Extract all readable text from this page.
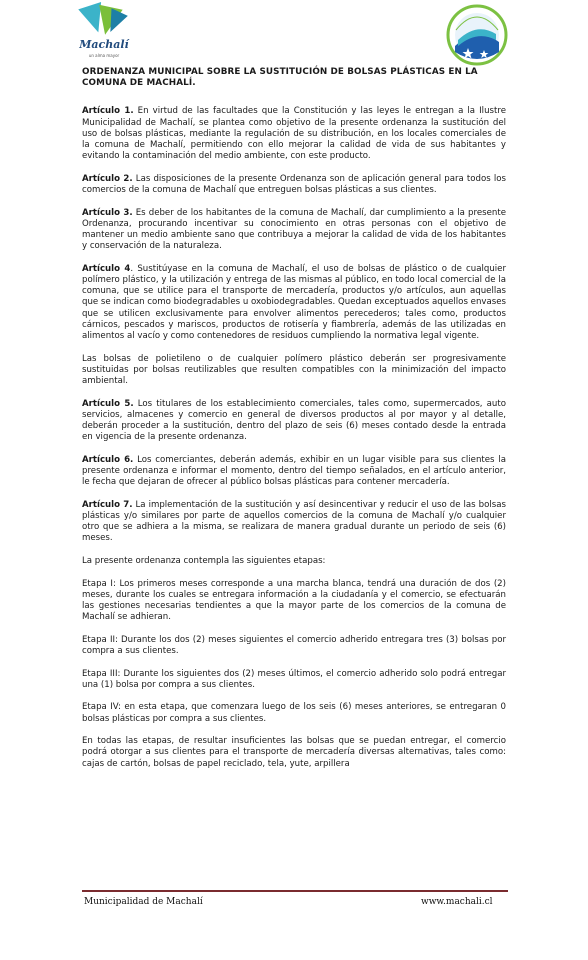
Machalí
un alma mayor
ORDENANZA MUNICIPAL SOBRE LA SUSTITUCIÓN DE BOLSAS PLÁSTICAS EN LA COMUNA DE MACHALÍ.

Artículo 1. En virtud de las facultades que la Constitución y las leyes le entregan a la Ilustre Municipalidad de Machalí, se plantea como objetivo de la presente ordenanza la sustitución del uso de bolsas plásticas, mediante la regulación de su distribución, en los locales comerciales de la comuna de Machalí, permitiendo con ello mejorar la calidad de vida de sus habitantes y evitando la contaminación del medio ambiente, con este producto.

Artículo 2. Las disposiciones de la presente Ordenanza son de aplicación general para todos los comercios de la comuna de Machalí que entreguen bolsas plásticas a sus clientes.

Artículo 3. Es deber de los habitantes de la comuna de Machalí, dar cumplimiento a la presente Ordenanza, procurando incentivar su conocimiento en otras personas con el objetivo de mantener un medio ambiente sano que contribuya a mejorar la calidad de vida de los habitantes y conservación de la naturaleza.

Artículo 4. Sustitúyase en la comuna de Machalí, el uso de bolsas de plástico o de cualquier polímero plástico, y la utilización y entrega de las mismas al público, en todo local comercial de la comuna, que se utilice para el transporte de mercadería, productos y/o artículos, aun aquellas que se indican como biodegradables u oxobiodegradables. Quedan exceptuados aquellos envases que se utilicen exclusivamente para envolver alimentos perecederos; tales como, productos cárnicos, pescados y mariscos, productos de rotisería y fiambrería, además de las utilizadas en alimentos al vacío y como contenedores de residuos cumpliendo la normativa legal vigente.

Las bolsas de polietileno o de cualquier polímero plástico deberán ser progresivamente sustituidas por bolsas reutilizables que resulten compatibles con la minimización del impacto ambiental.

Artículo 5. Los titulares de los establecimiento comerciales, tales como, supermercados, auto servicios, almacenes y comercio en general de diversos productos al por mayor y al detalle, deberán proceder a la sustitución, dentro del plazo de seis (6) meses contado desde la entrada en vigencia de la presente ordenanza.

Artículo 6. Los comerciantes, deberán además, exhibir en un lugar visible para sus clientes la presente ordenanza e informar el momento, dentro del tiempo señalados, en el artículo anterior, le fecha que dejaran de ofrecer al público bolsas plásticas para contener mercadería.

Artículo 7. La implementación de la sustitución y así desincentivar y reducir el uso de las bolsas plásticas y/o similares por parte de aquellos comercios de la comuna de Machalí y/o cualquier otro que se adhiera a la misma, se realizara de manera gradual durante un periodo de seis (6) meses.

La presente ordenanza contempla las siguientes etapas:

Etapa I: Los primeros meses corresponde a una marcha blanca, tendrá una duración de dos (2) meses, durante los cuales se entregara información a la ciudadanía y el comercio, se efectuarán las gestiones necesarias tendientes a que la mayor parte de los comercios de la comuna de Machalí se adhieran.

Etapa II: Durante los dos (2) meses siguientes el comercio adherido entregara tres (3) bolsas por compra a sus clientes.

Etapa III: Durante los siguientes dos (2) meses últimos, el comercio adherido solo podrá entregar una (1) bolsa por compra a sus clientes.

Etapa IV: en esta etapa, que comenzara luego de los seis (6) meses anteriores, se entregaran 0 bolsas plásticas por compra a sus clientes.

En todas las etapas, de resultar insuficientes las bolsas que se puedan entregar, el comercio podrá otorgar a sus clientes para el transporte de mercadería diversas alternativas, tales como: cajas de cartón, bolsas de papel reciclado, tela, yute, arpillera

Municipalidad de Machalí	www.machali.cl
